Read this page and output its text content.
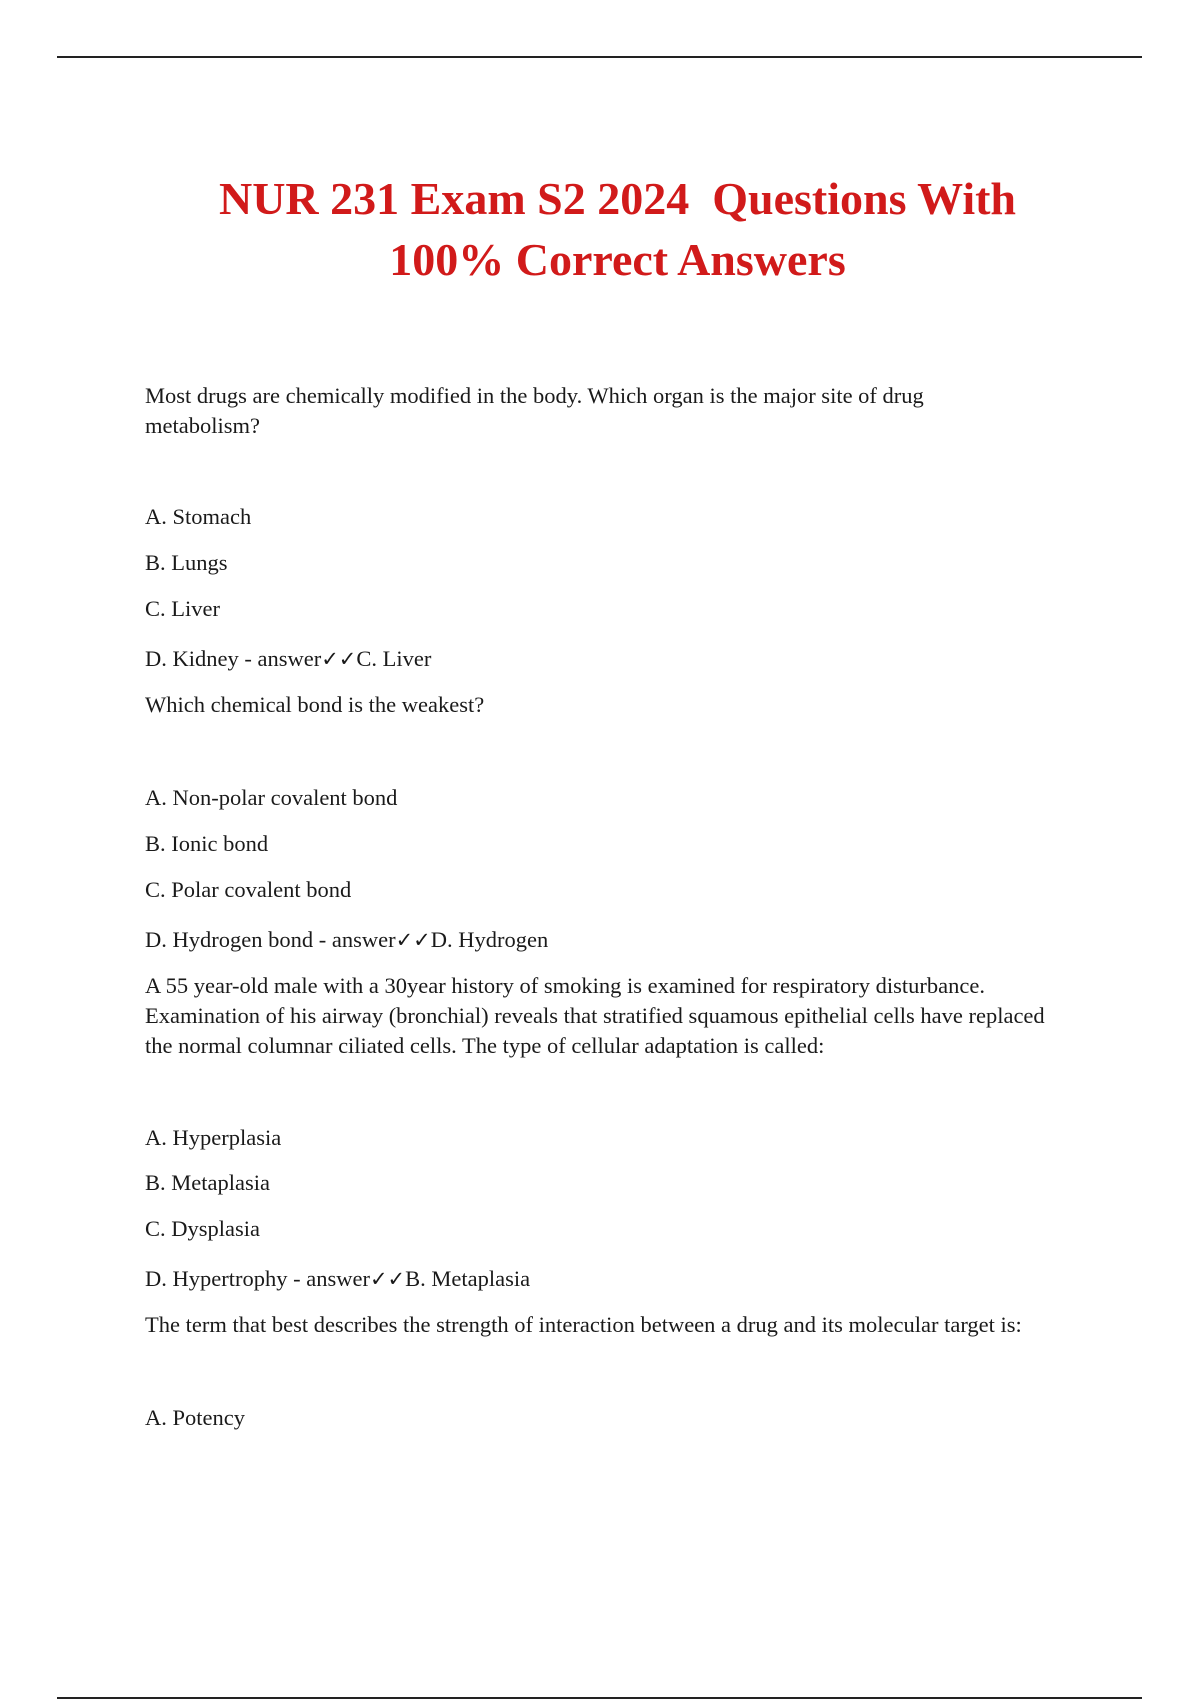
NUR 231 Exam S2 2024  Questions With
100% Correct Answers

Most drugs are chemically modified in the body. Which organ is the major site of drug metabolism?

A. Stomach
B. Lungs
C. Liver
D. Kidney - answer✓✓C. Liver

Which chemical bond is the weakest?

A. Non-polar covalent bond
B. Ionic bond
C. Polar covalent bond
D. Hydrogen bond - answer✓✓D. Hydrogen

A 55 year-old male with a 30year history of smoking is examined for respiratory disturbance. Examination of his airway (bronchial) reveals that stratified squamous epithelial cells have replaced the normal columnar ciliated cells. The type of cellular adaptation is called:

A. Hyperplasia
B. Metaplasia
C. Dysplasia
D. Hypertrophy - answer✓✓B. Metaplasia

The term that best describes the strength of interaction between a drug and its molecular target is:

A. Potency
